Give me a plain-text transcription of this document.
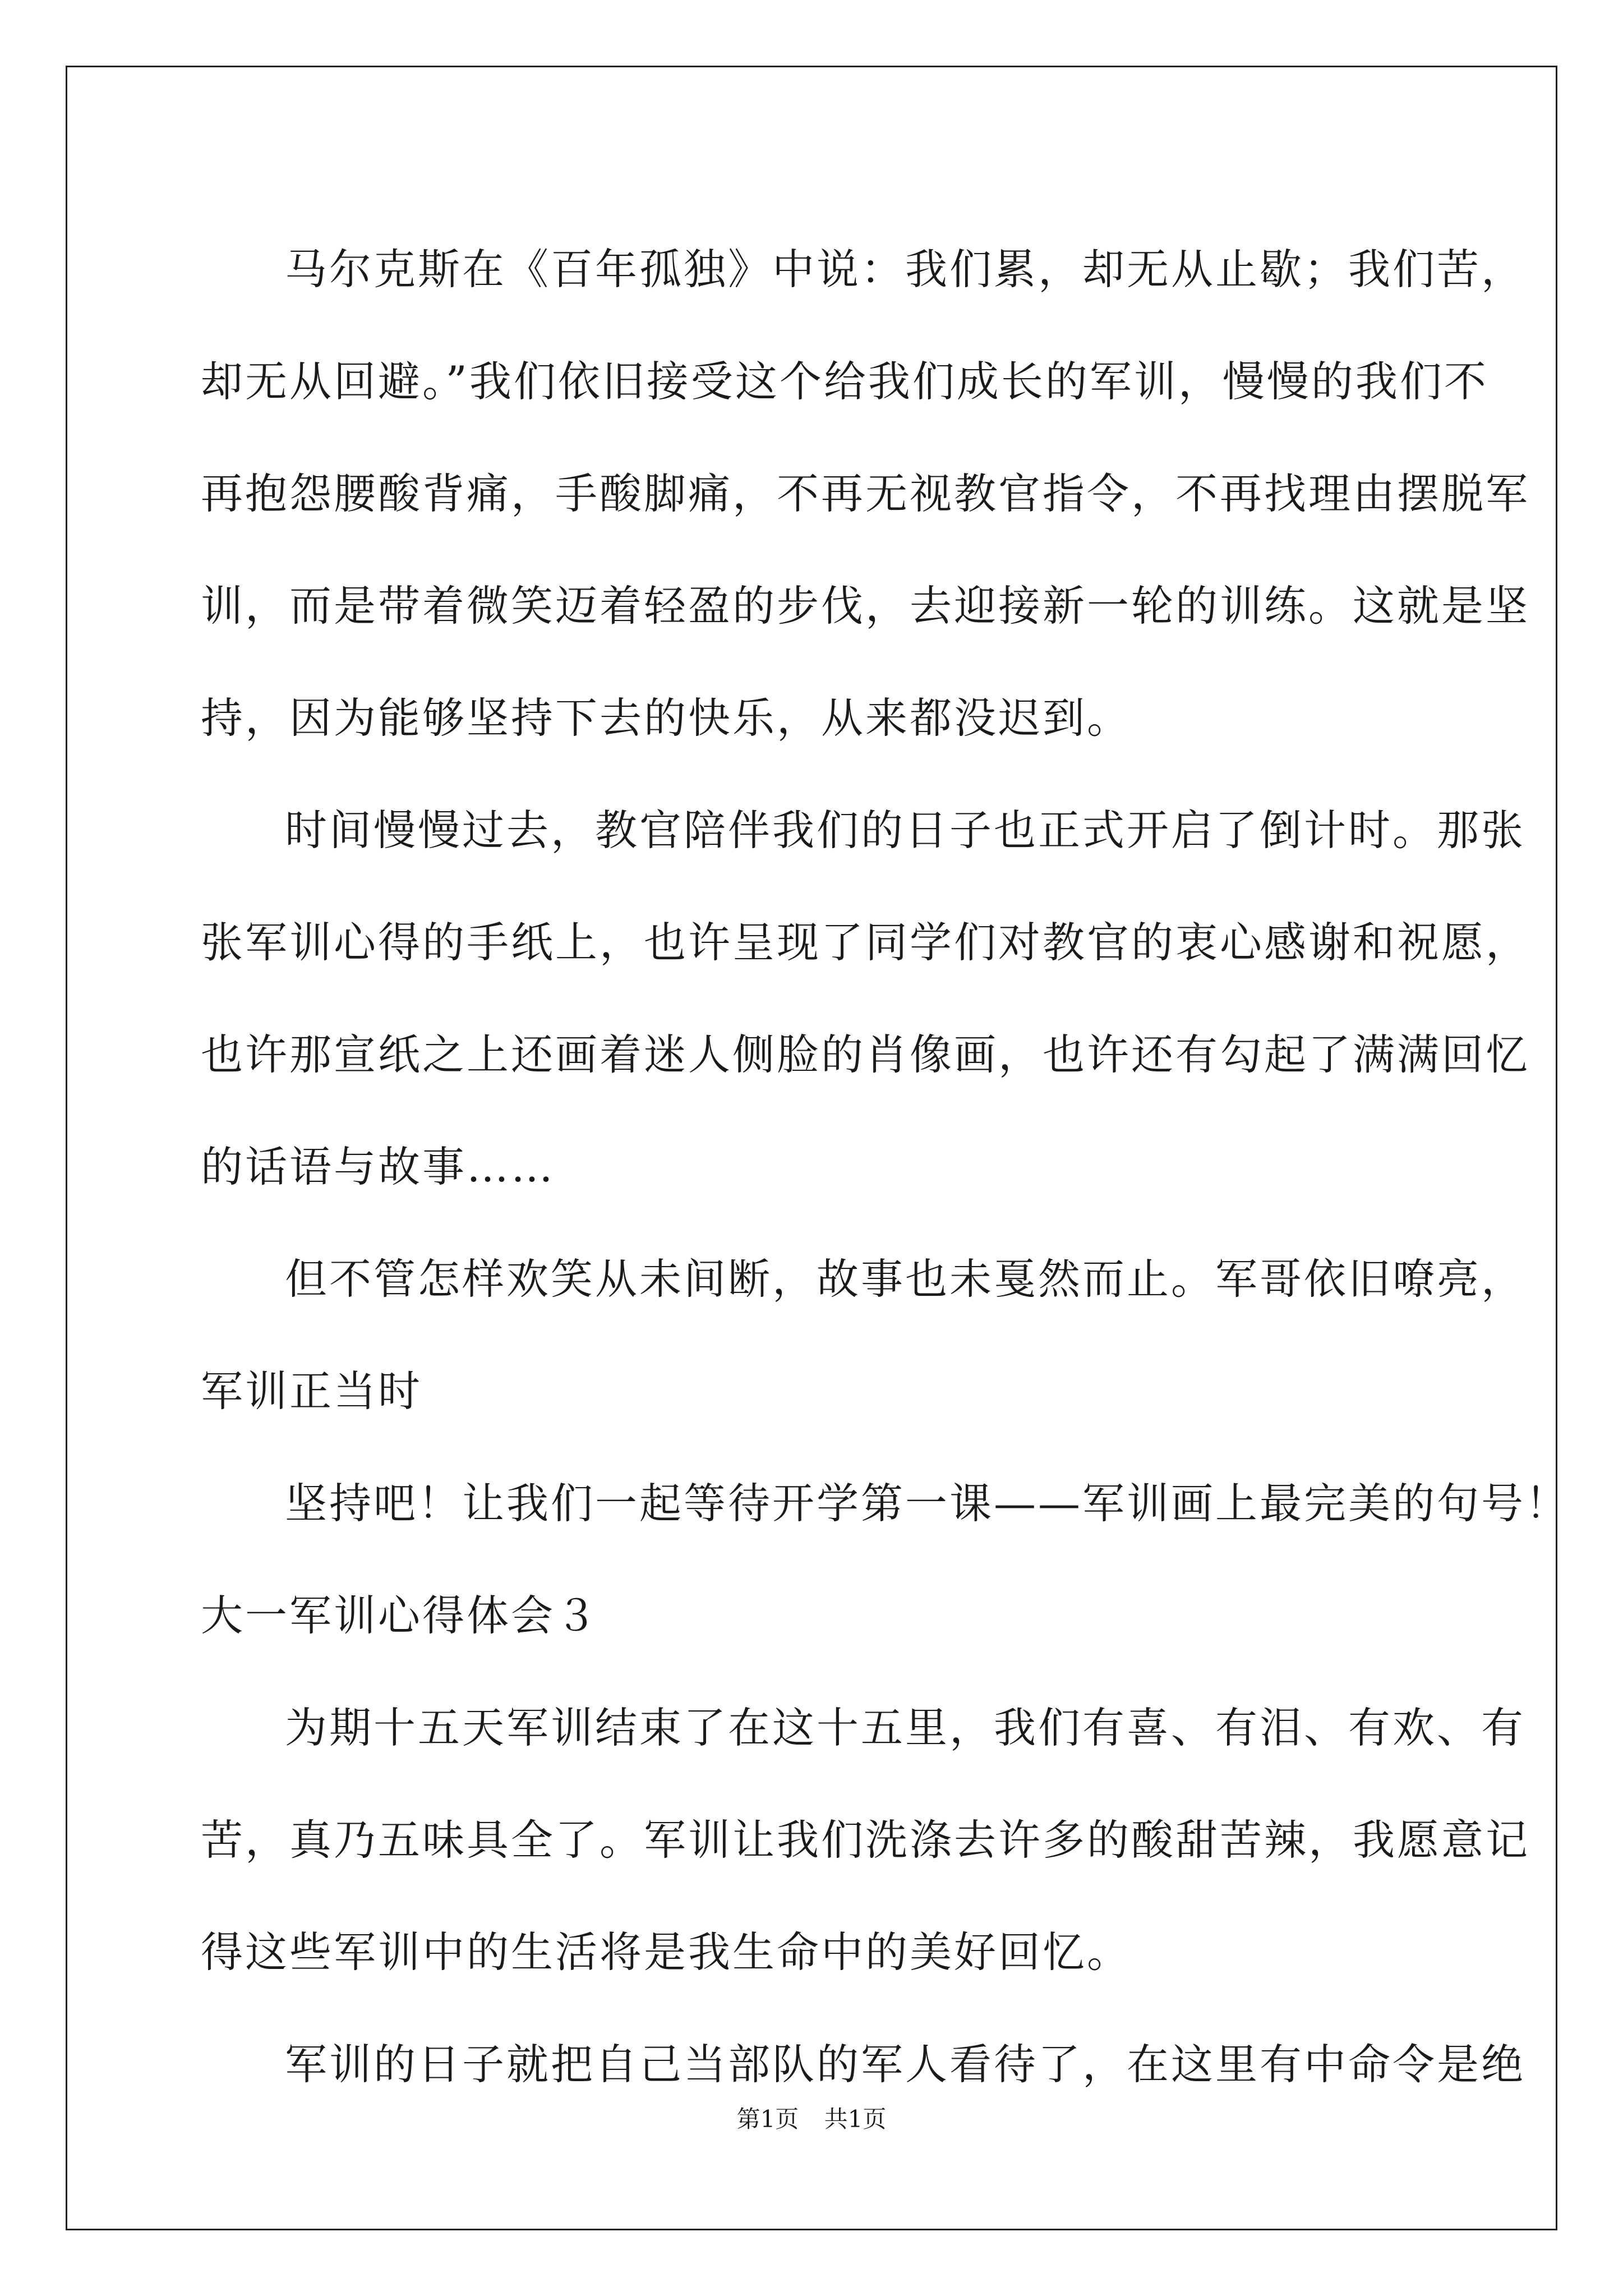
马尔克斯在《百年孤独》中说：我们累，却无从止歇；我们苦，
却无从回避。”我们依旧接受这个给我们成长的军训，慢慢的我们不
再抱怨腰酸背痛，手酸脚痛，不再无视教官指令，不再找理由摆脱军
训，而是带着微笑迈着轻盈的步伐，去迎接新一轮的训练。这就是坚
持，因为能够坚持下去的快乐，从来都没迟到。
时间慢慢过去，教官陪伴我们的日子也正式开启了倒计时。那张
张军训心得的手纸上，也许呈现了同学们对教官的衷心感谢和祝愿，
也许那宣纸之上还画着迷人侧脸的肖像画，也许还有勾起了满满回忆
的话语与故事……
但不管怎样欢笑从未间断，故事也未戛然而止。军哥依旧嘹亮，
军训正当时
坚持吧！让我们一起等待开学第一课——军训画上最完美的句号！
大一军训心得体会３
为期十五天军训结束了在这十五里，我们有喜、有泪、有欢、有
苦，真乃五味具全了。军训让我们洗涤去许多的酸甜苦辣，我愿意记
得这些军训中的生活将是我生命中的美好回忆。
军训的日子就把自己当部队的军人看待了，在这里有中命令是绝
第1页 共1页
